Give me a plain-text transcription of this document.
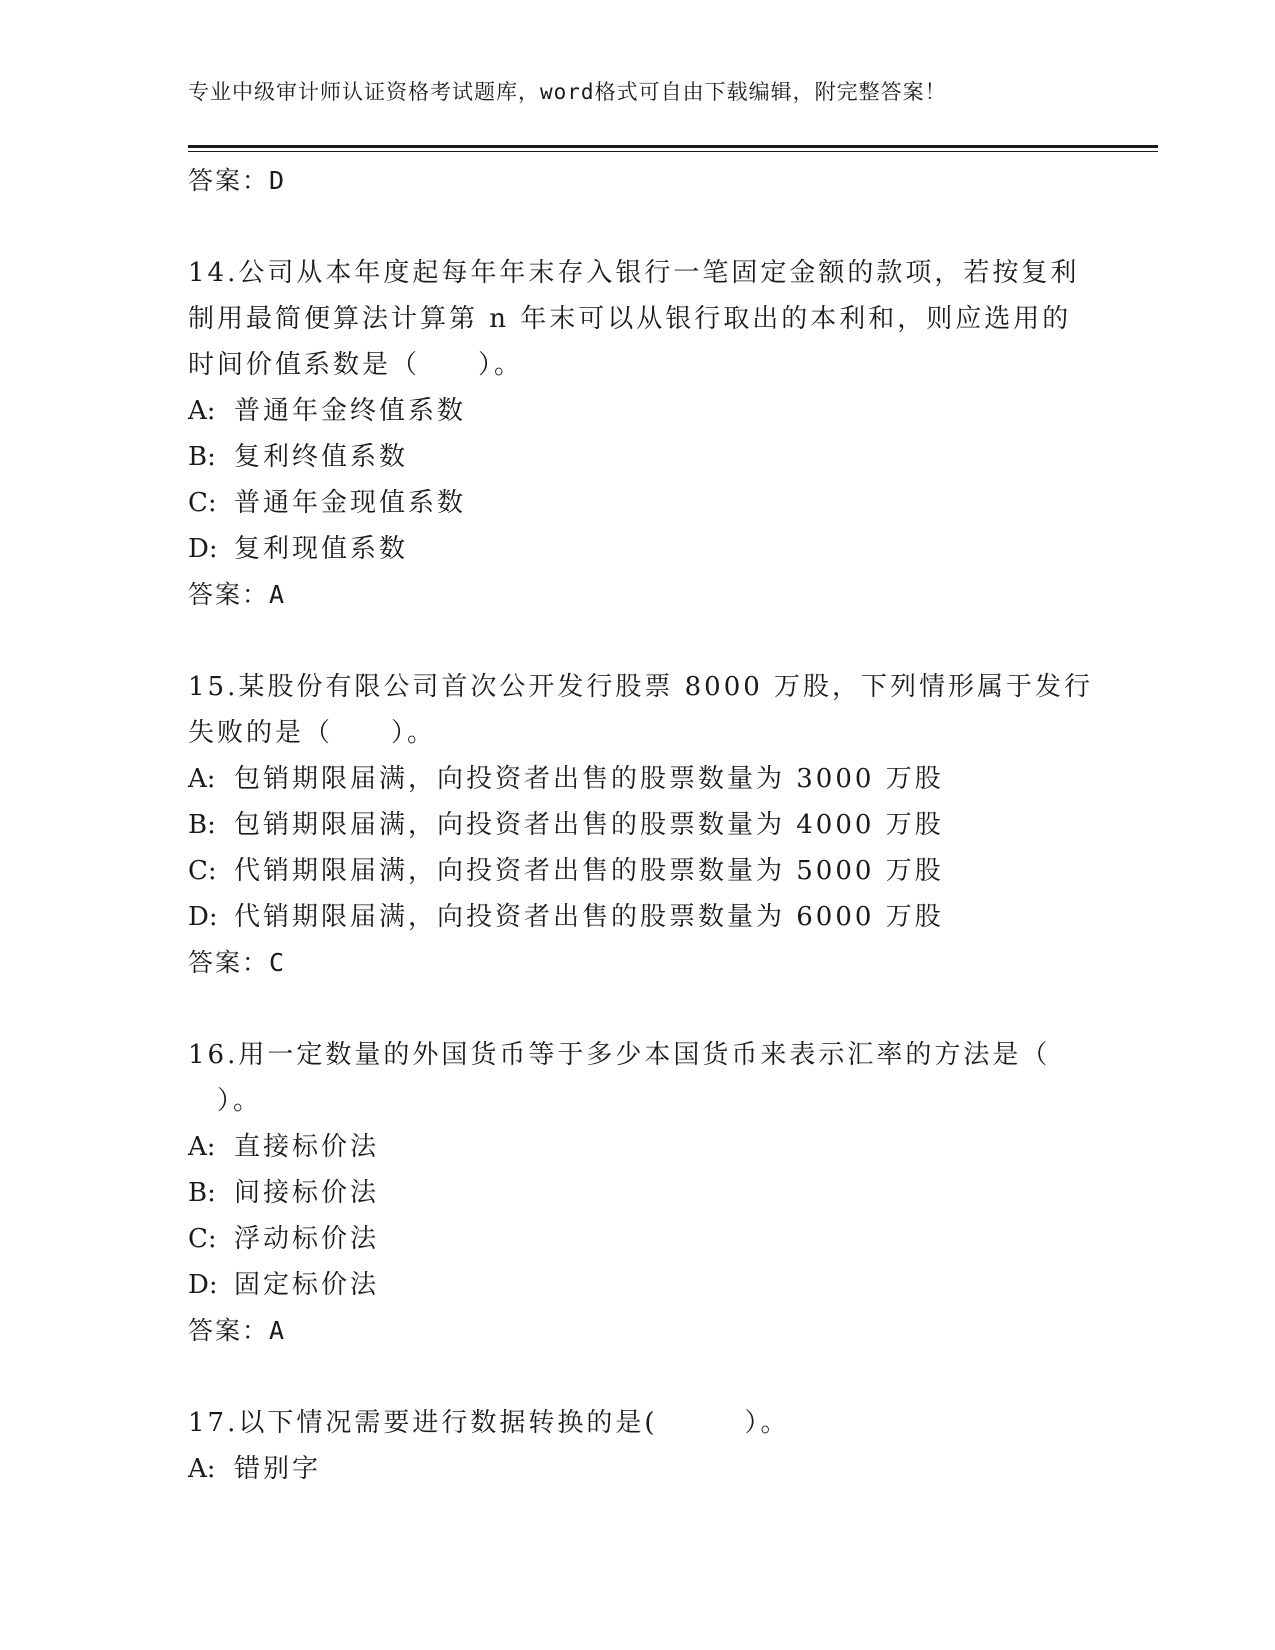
专业中级审计师认证资格考试题库，word格式可自由下载编辑，附完整答案！
答案：D
14.公司从本年度起每年年末存入银行一笔固定金额的款项，若按复利
制用最简便算法计算第 n 年末可以从银行取出的本利和，则应选用的
时间价值系数是（　　）。
A: 普通年金终值系数
B: 复利终值系数
C: 普通年金现值系数
D: 复利现值系数
答案：A
15.某股份有限公司首次公开发行股票 8000 万股，下列情形属于发行
失败的是（　　）。
A: 包销期限届满，向投资者出售的股票数量为 3000 万股
B: 包销期限届满，向投资者出售的股票数量为 4000 万股
C: 代销期限届满，向投资者出售的股票数量为 5000 万股
D: 代销期限届满，向投资者出售的股票数量为 6000 万股
答案：C
16.用一定数量的外国货币等于多少本国货币来表示汇率的方法是（
　）。
A: 直接标价法
B: 间接标价法
C: 浮动标价法
D: 固定标价法
答案：A
17.以下情况需要进行数据转换的是(　　　）。
A: 错别字
